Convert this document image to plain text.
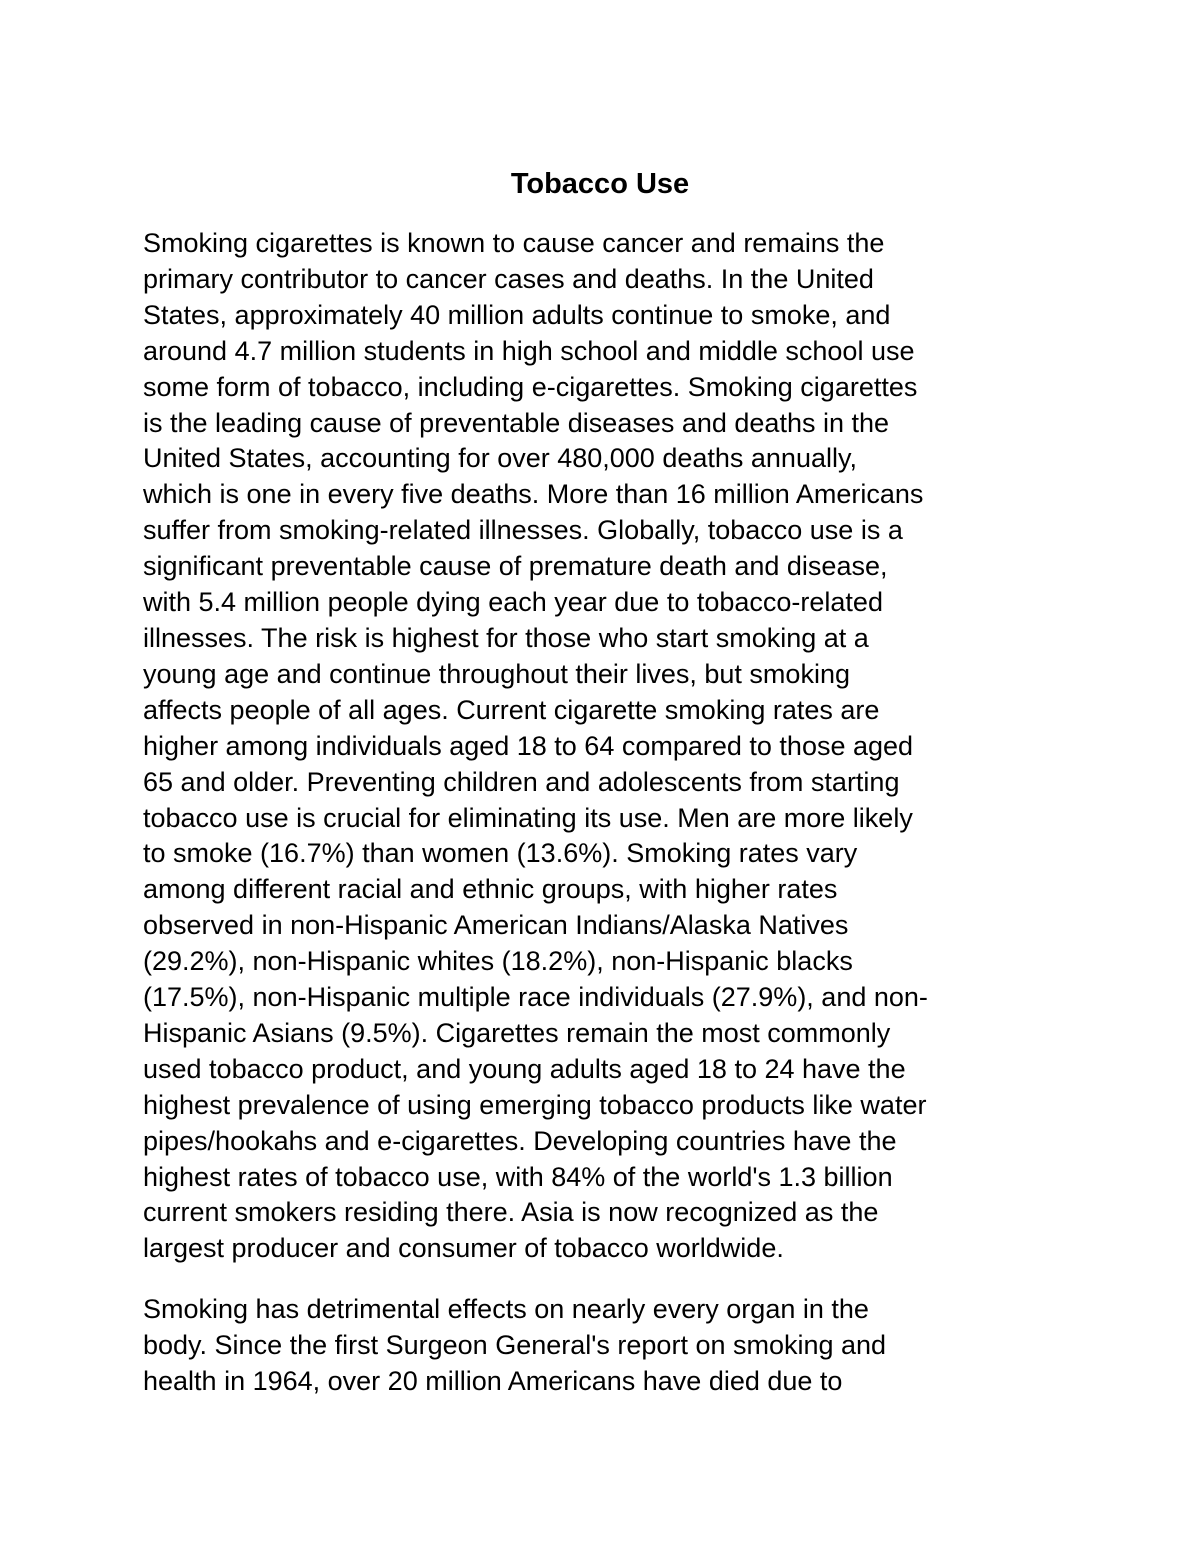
Tobacco Use

Smoking cigarettes is known to cause cancer and remains the
primary contributor to cancer cases and deaths. In the United
States, approximately 40 million adults continue to smoke, and
around 4.7 million students in high school and middle school use
some form of tobacco, including e-cigarettes. Smoking cigarettes
is the leading cause of preventable diseases and deaths in the
United States, accounting for over 480,000 deaths annually,
which is one in every five deaths. More than 16 million Americans
suffer from smoking-related illnesses. Globally, tobacco use is a
significant preventable cause of premature death and disease,
with 5.4 million people dying each year due to tobacco-related
illnesses. The risk is highest for those who start smoking at a
young age and continue throughout their lives, but smoking
affects people of all ages. Current cigarette smoking rates are
higher among individuals aged 18 to 64 compared to those aged
65 and older. Preventing children and adolescents from starting
tobacco use is crucial for eliminating its use. Men are more likely
to smoke (16.7%) than women (13.6%). Smoking rates vary
among different racial and ethnic groups, with higher rates
observed in non-Hispanic American Indians/Alaska Natives
(29.2%), non-Hispanic whites (18.2%), non-Hispanic blacks
(17.5%), non-Hispanic multiple race individuals (27.9%), and non-
Hispanic Asians (9.5%). Cigarettes remain the most commonly
used tobacco product, and young adults aged 18 to 24 have the
highest prevalence of using emerging tobacco products like water
pipes/hookahs and e-cigarettes. Developing countries have the
highest rates of tobacco use, with 84% of the world's 1.3 billion
current smokers residing there. Asia is now recognized as the
largest producer and consumer of tobacco worldwide.

Smoking has detrimental effects on nearly every organ in the
body. Since the first Surgeon General's report on smoking and
health in 1964, over 20 million Americans have died due to
